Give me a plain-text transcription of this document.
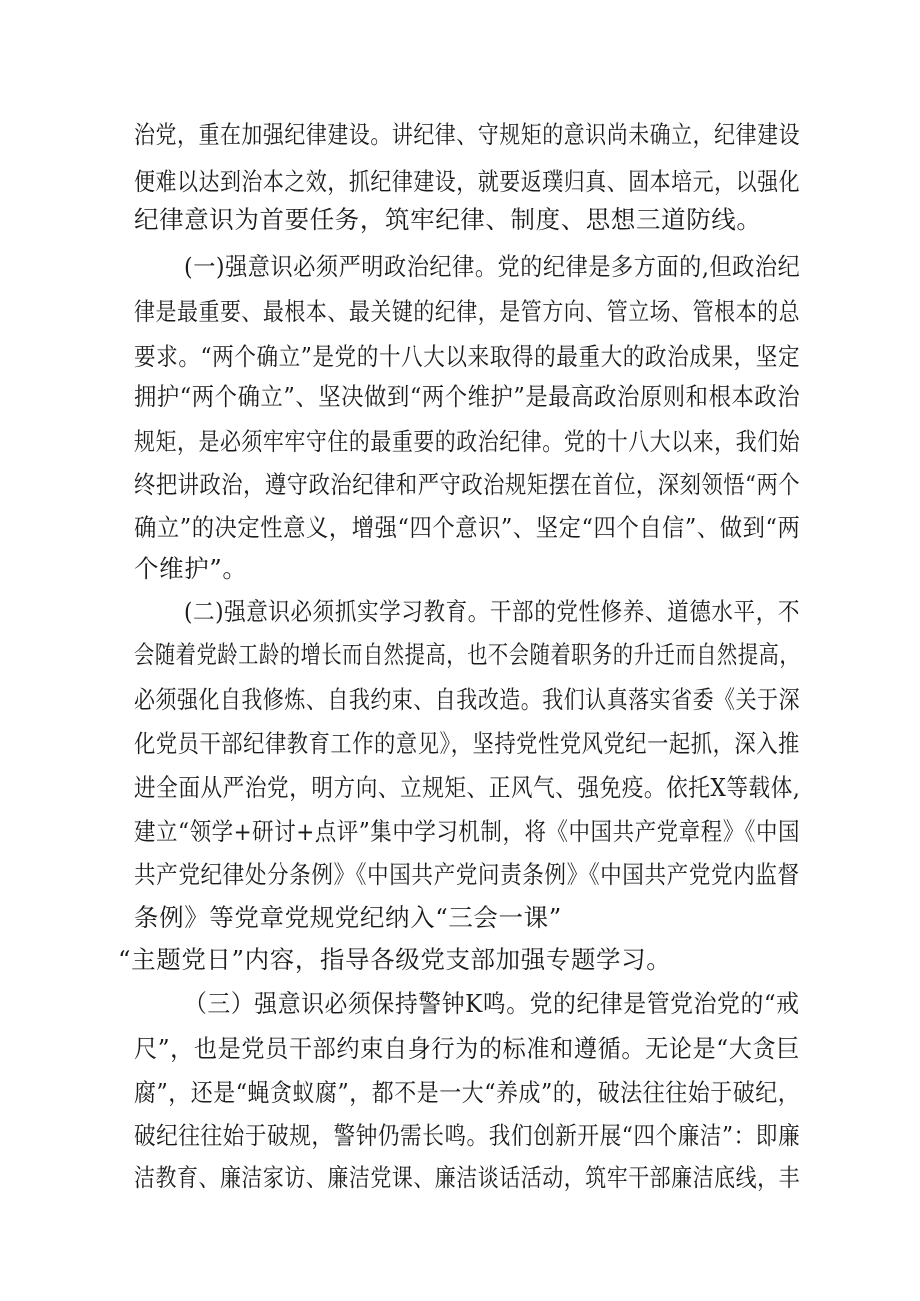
治党，重在加强纪律建设。讲纪律、守规矩的意识尚未确立，纪律建设
便难以达到治本之效，抓纪律建设，就要返璞归真、固本培元，以强化
纪律意识为首要任务，筑牢纪律、制度、思想三道防线。
(一)强意识必须严明政治纪律。党的纪律是多方面的,但政治纪
律是最重要、最根本、最关键的纪律，是管方向、管立场、管根本的总
要求。“两个确立”是党的十八大以来取得的最重大的政治成果，坚定
拥护“两个确立”、坚决做到“两个维护”是最高政治原则和根本政治
规矩，是必须牢牢守住的最重要的政治纪律。党的十八大以来，我们始
终把讲政治，遵守政治纪律和严守政治规矩摆在首位，深刻领悟“两个
确立”的决定性意义，增强“四个意识”、坚定“四个自信”、做到“两
个维护”。
(二)强意识必须抓实学习教育。干部的党性修养、道德水平，不
会随着党龄工龄的增长而自然提高，也不会随着职务的升迁而自然提高，
必须强化自我修炼、自我约束、自我改造。我们认真落实省委《关于深
化党员干部纪律教育工作的意见》，坚持党性党风党纪一起抓，深入推
进全面从严治党，明方向、立规矩、正风气、强免疫。依托X等载体,
建立“领学+研讨+点评”集中学习机制，将《中国共产党章程》《中国
共产党纪律处分条例》《中国共产党问责条例》《中国共产党党内监督
条例》等党章党规党纪纳入“三会一课”
“主题党日”内容，指导各级党支部加强专题学习。
（三）强意识必须保持警钟K鸣。党的纪律是管党治党的“戒
尺”，也是党员干部约束自身行为的标准和遵循。无论是“大贪巨
腐”，还是“蝇贪蚁腐”，都不是一大“养成”的，破法往往始于破纪，
破纪往往始于破规，警钟仍需长鸣。我们创新开展“四个廉洁”：即廉
洁教育、廉洁家访、廉洁党课、廉洁谈话活动，筑牢干部廉洁底线，丰
